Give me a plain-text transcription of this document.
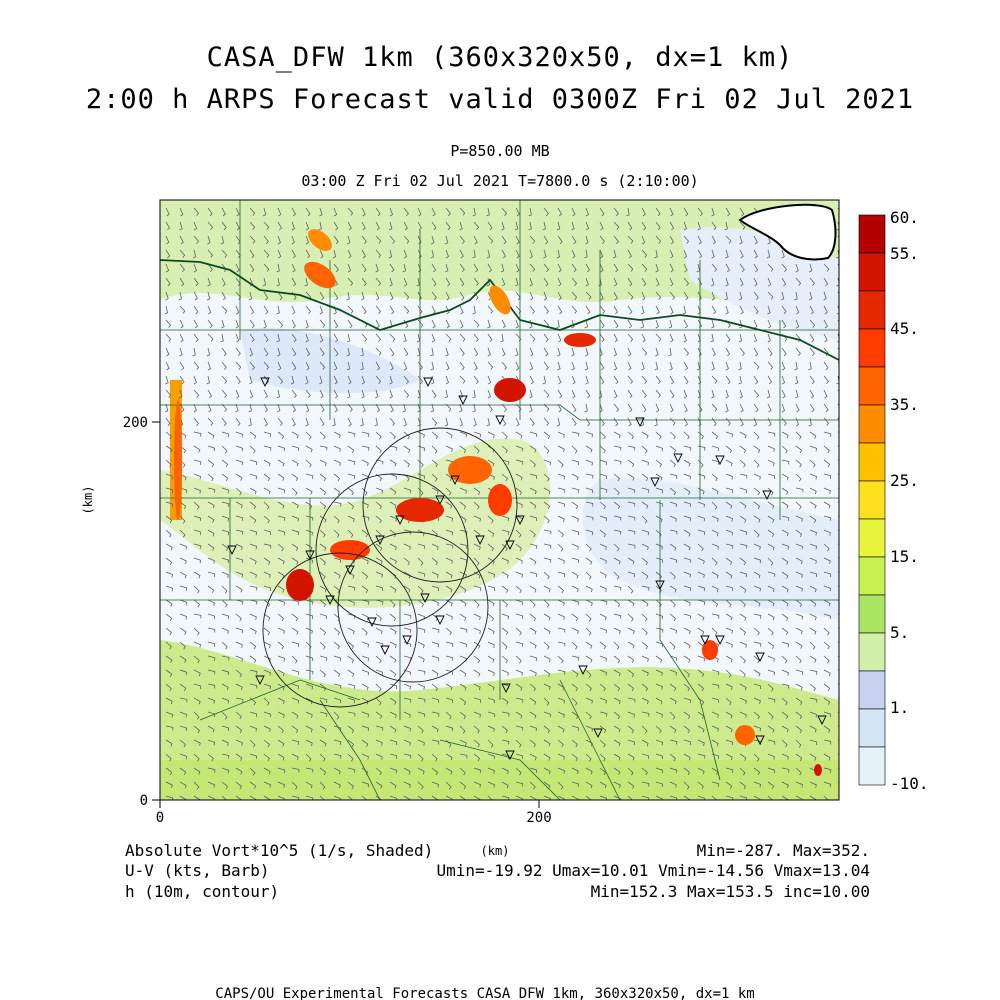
CASA_DFW 1km (360x320x50, dx=1 km)
2:00 h ARPS Forecast valid 0300Z Fri 02 Jul 2021
P=850.00 MB
03:00 Z Fri 02 Jul 2021 T=7800.0 s (2:10:00)
0	200
0
200
(km)
(km)
60.
55.
45.
35.
25.
15.
5.
1.
-10.
Absolute Vort*10^5 (1/s, Shaded)
U-V (kts, Barb)
h (10m, contour)
Min=-287. Max=352.
Umin=-19.92 Umax=10.01 Vmin=-14.56 Vmax=13.04
Min=152.3 Max=153.5 inc=10.00
CAPS/OU Experimental Forecasts CASA DFW 1km, 360x320x50, dx=1 km
